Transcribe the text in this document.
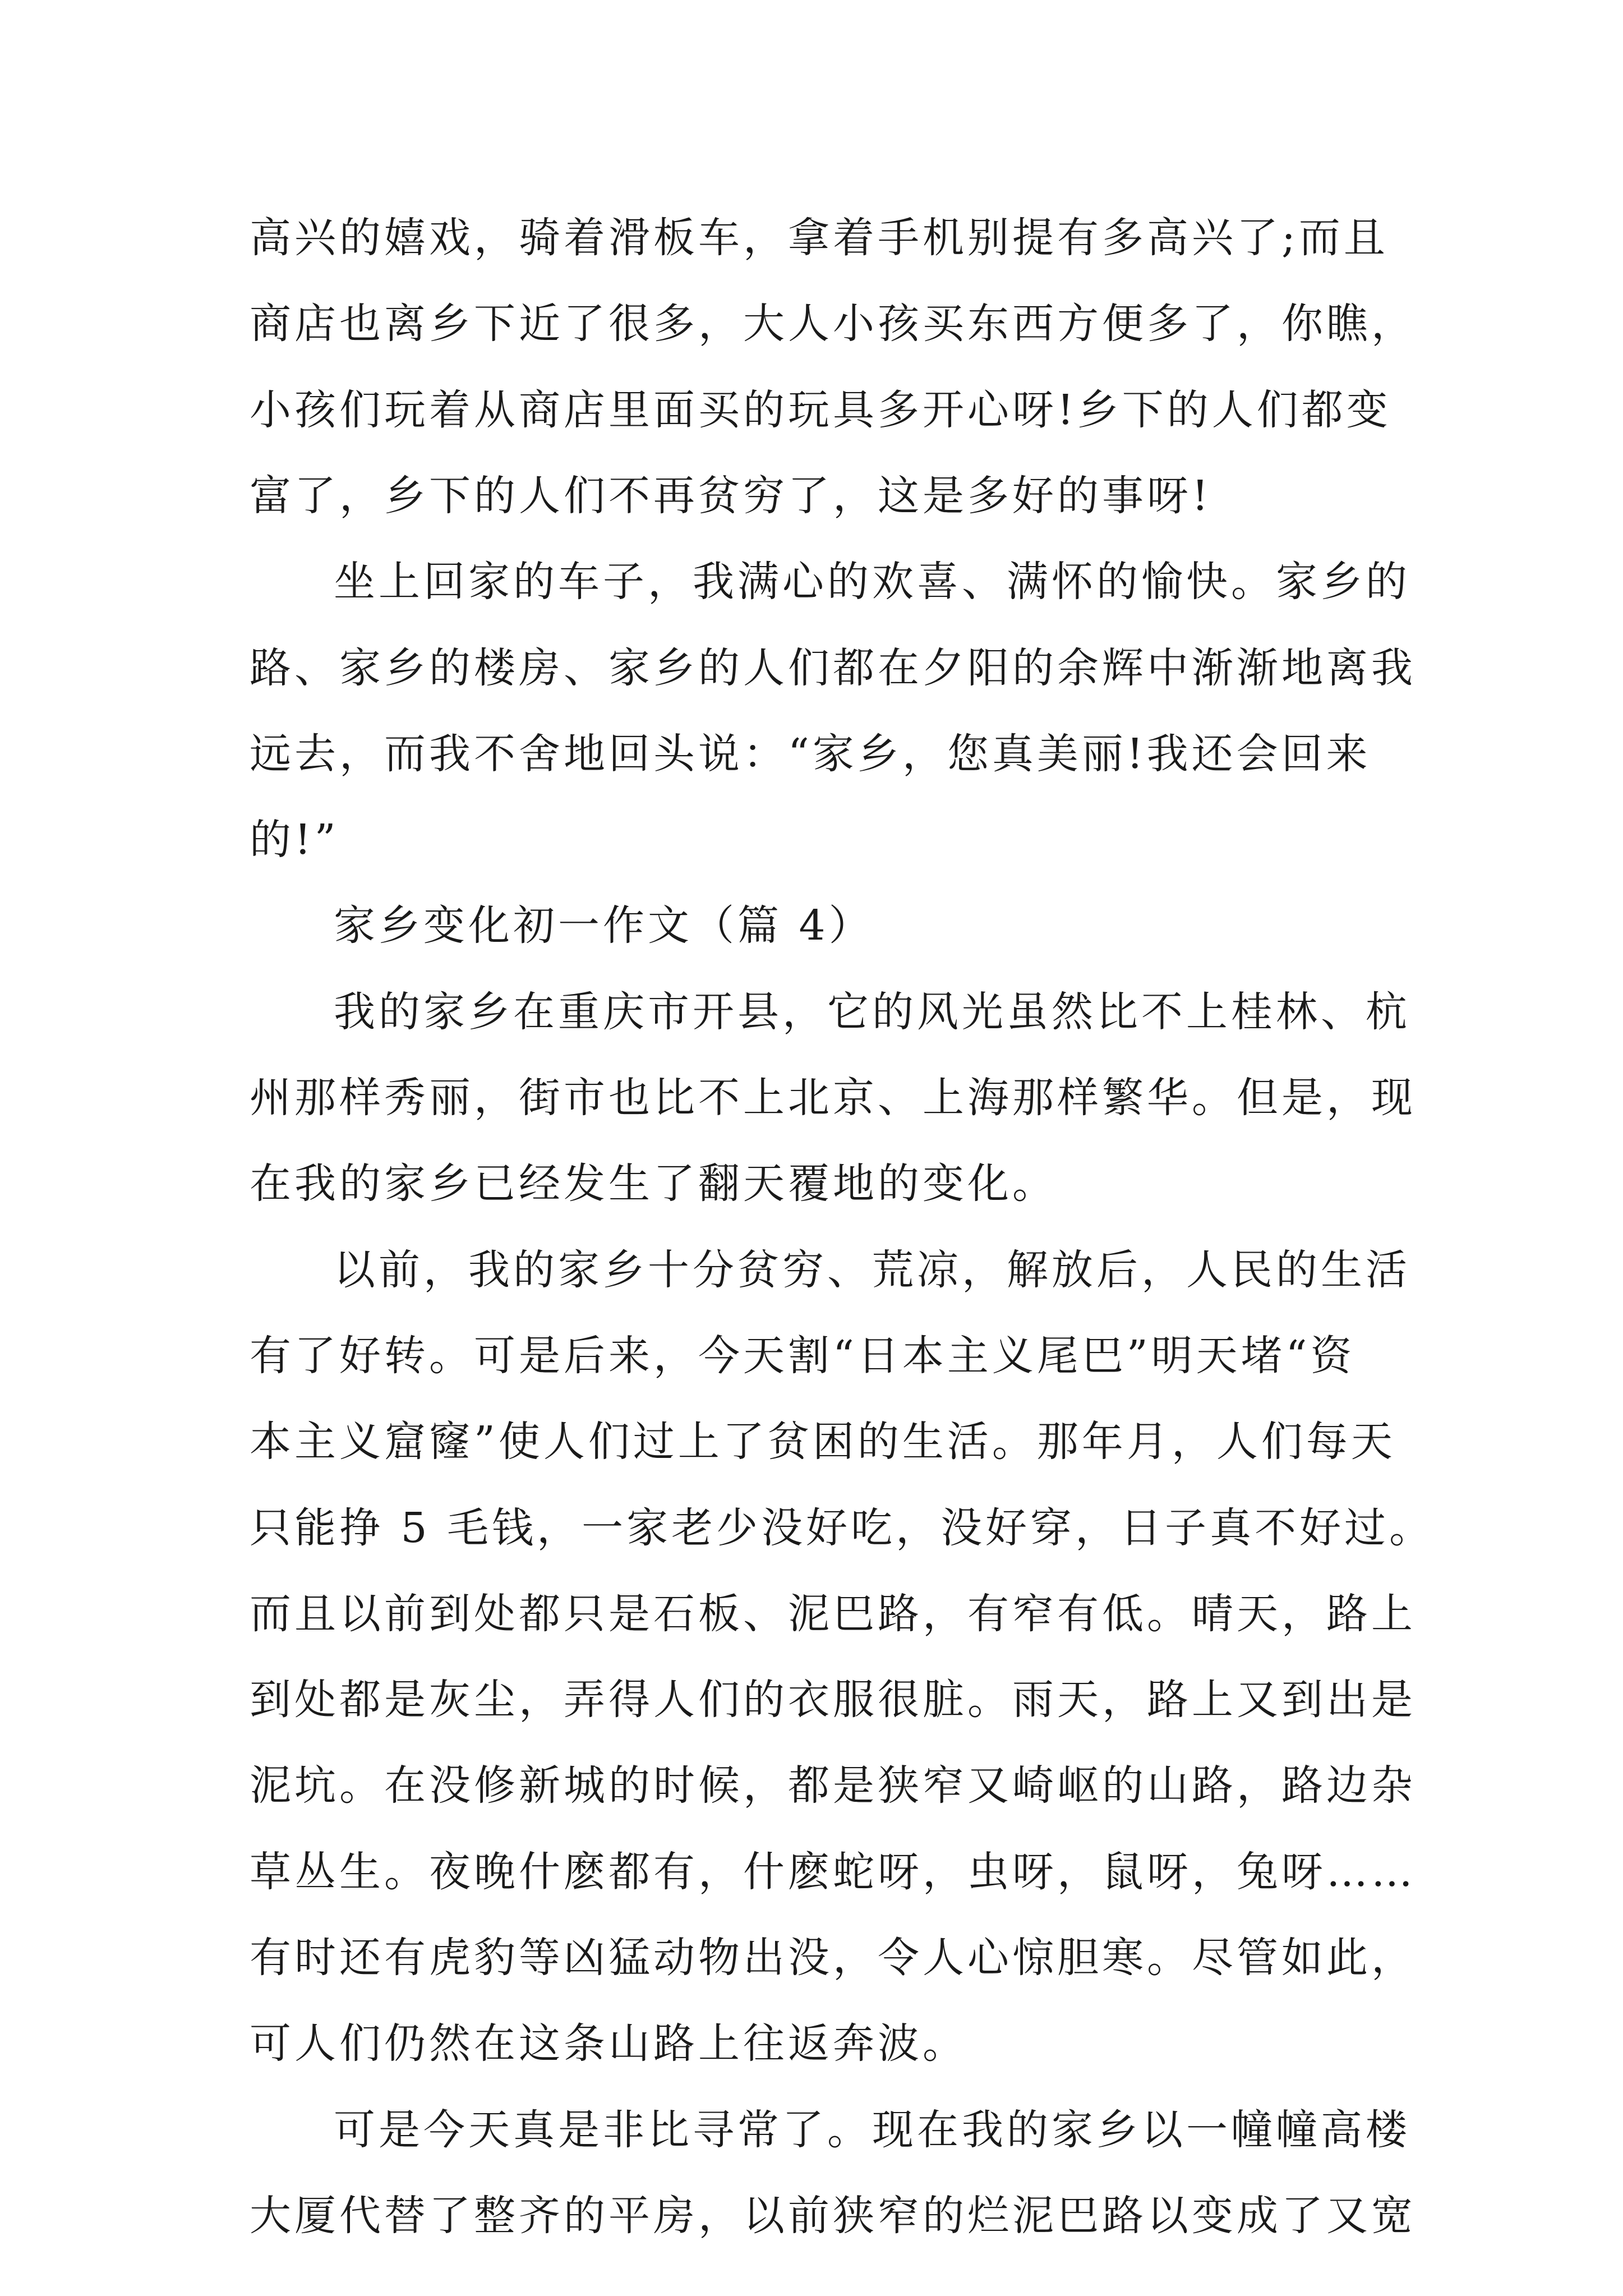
高兴的嬉戏，骑着滑板车，拿着手机别提有多高兴了;而且
商店也离乡下近了很多，大人小孩买东西方便多了，你瞧，
小孩们玩着从商店里面买的玩具多开心呀!乡下的人们都变
富了，乡下的人们不再贫穷了，这是多好的事呀!
坐上回家的车子，我满心的欢喜、满怀的愉快。家乡的
路、家乡的楼房、家乡的人们都在夕阳的余辉中渐渐地离我
远去，而我不舍地回头说：“家乡，您真美丽!我还会回来
的!”
家乡变化初一作文（篇 4）
我的家乡在重庆市开县，它的风光虽然比不上桂林、杭
州那样秀丽，街市也比不上北京、上海那样繁华。但是，现
在我的家乡已经发生了翻天覆地的变化。
以前，我的家乡十分贫穷、荒凉，解放后，人民的生活
有了好转。可是后来，今天割“日本主义尾巴”明天堵“资
本主义窟窿”使人们过上了贫困的生活。那年月，人们每天
只能挣 5 毛钱，一家老少没好吃，没好穿，日子真不好过。
而且以前到处都只是石板、泥巴路，有窄有低。晴天，路上
到处都是灰尘，弄得人们的衣服很脏。雨天，路上又到出是
泥坑。在没修新城的时候，都是狭窄又崎岖的山路，路边杂
草丛生。夜晚什麽都有，什麽蛇呀，虫呀，鼠呀，兔呀……
有时还有虎豹等凶猛动物出没，令人心惊胆寒。尽管如此，
可人们仍然在这条山路上往返奔波。
可是今天真是非比寻常了。现在我的家乡以一幢幢高楼
大厦代替了整齐的平房，以前狭窄的烂泥巴路以变成了又宽
